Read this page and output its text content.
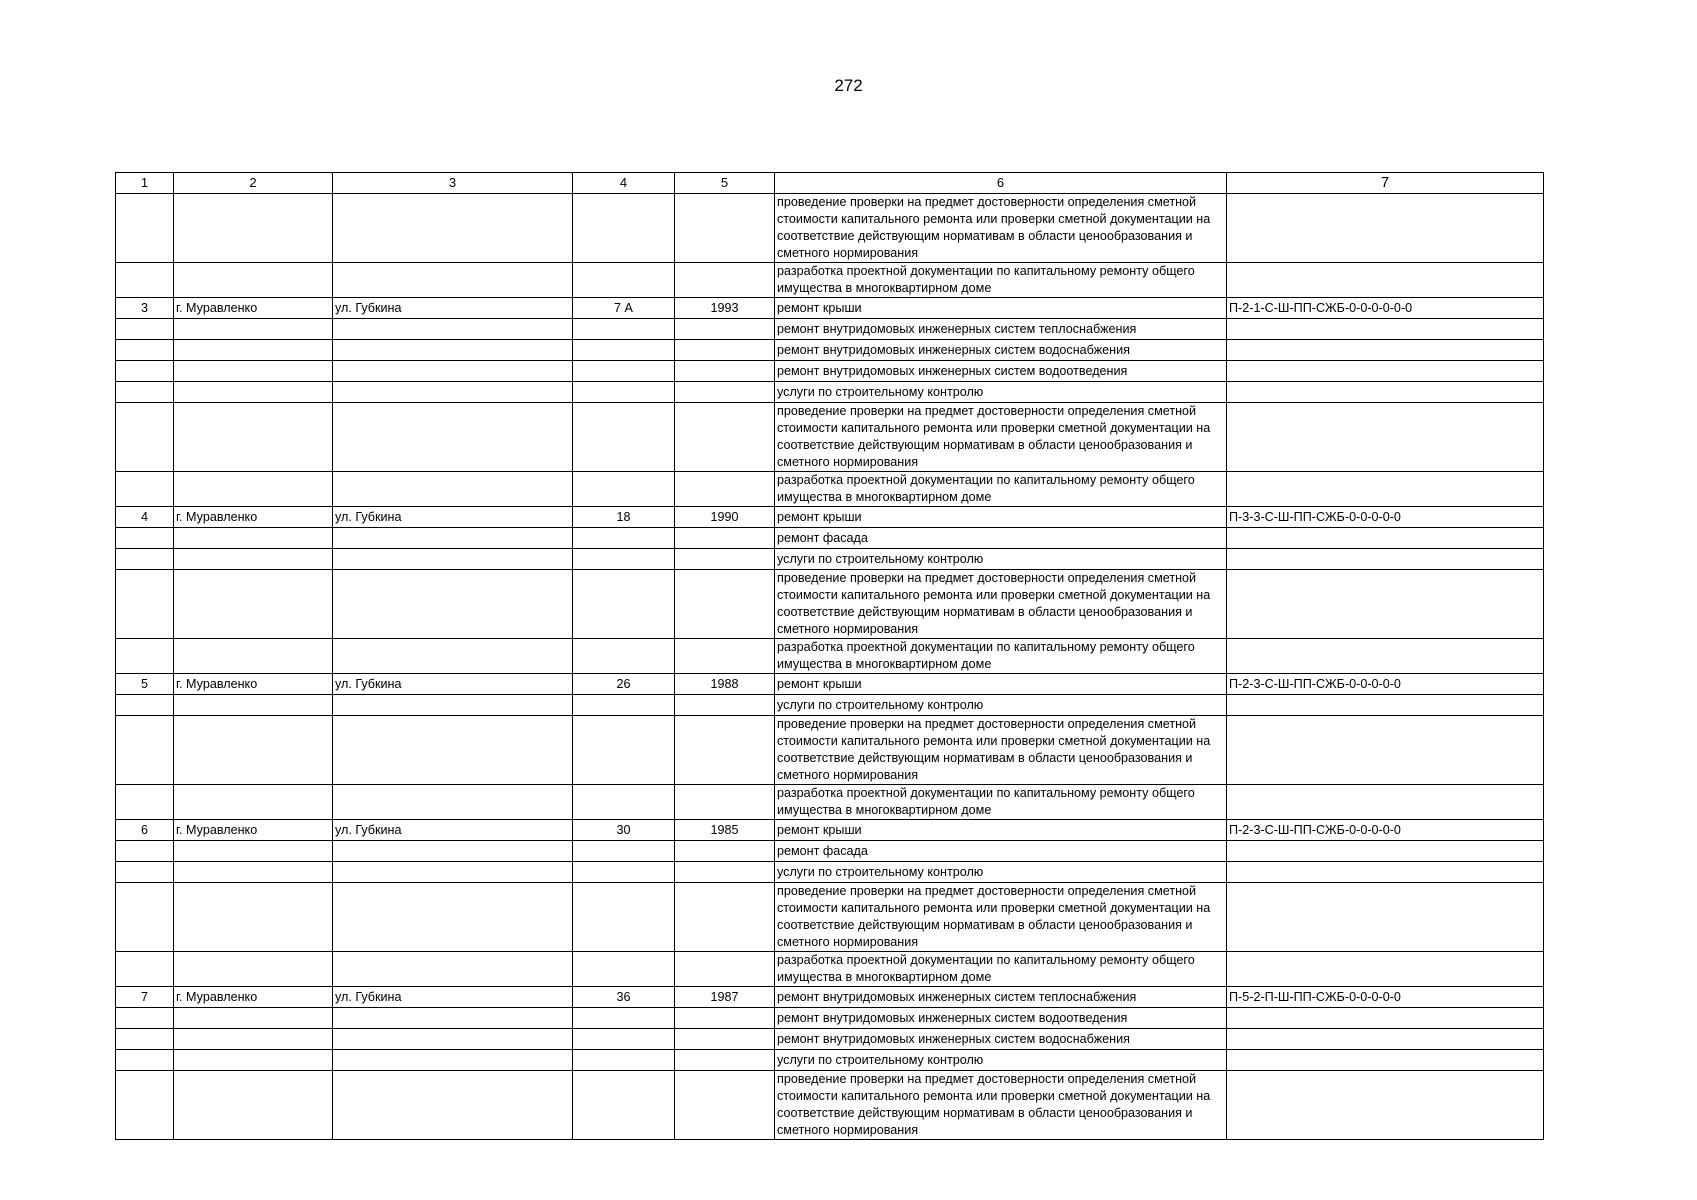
272
1	2	3	4	5	6	7
					проведение проверки на предмет достоверности определения сметной стоимости капитального ремонта или проверки сметной документации на соответствие действующим нормативам в области ценообразования и сметного нормирования	
					разработка проектной документации по капитальному ремонту общего имущества в многоквартирном доме	
3	г. Муравленко	ул. Губкина	7 А	1993	ремонт крыши	П-2-1-С-Ш-ПП-СЖБ-0-0-0-0-0-0
					ремонт внутридомовых инженерных систем теплоснабжения	
					ремонт внутридомовых инженерных систем водоснабжения	
					ремонт внутридомовых инженерных систем водоотведения	
					услуги по строительному контролю	
					проведение проверки на предмет достоверности определения сметной стоимости капитального ремонта или проверки сметной документации на соответствие действующим нормативам в области ценообразования и сметного нормирования	
					разработка проектной документации по капитальному ремонту общего имущества в многоквартирном доме	
4	г. Муравленко	ул. Губкина	18	1990	ремонт крыши	П-3-3-С-Ш-ПП-СЖБ-0-0-0-0-0
					ремонт фасада	
					услуги по строительному контролю	
					проведение проверки на предмет достоверности определения сметной стоимости капитального ремонта или проверки сметной документации на соответствие действующим нормативам в области ценообразования и сметного нормирования	
					разработка проектной документации по капитальному ремонту общего имущества в многоквартирном доме	
5	г. Муравленко	ул. Губкина	26	1988	ремонт крыши	П-2-3-С-Ш-ПП-СЖБ-0-0-0-0-0
					услуги по строительному контролю	
					проведение проверки на предмет достоверности определения сметной стоимости капитального ремонта или проверки сметной документации на соответствие действующим нормативам в области ценообразования и сметного нормирования	
					разработка проектной документации по капитальному ремонту общего имущества в многоквартирном доме	
6	г. Муравленко	ул. Губкина	30	1985	ремонт крыши	П-2-3-С-Ш-ПП-СЖБ-0-0-0-0-0
					ремонт фасада	
					услуги по строительному контролю	
					проведение проверки на предмет достоверности определения сметной стоимости капитального ремонта или проверки сметной документации на соответствие действующим нормативам в области ценообразования и сметного нормирования	
					разработка проектной документации по капитальному ремонту общего имущества в многоквартирном доме	
7	г. Муравленко	ул. Губкина	36	1987	ремонт внутридомовых инженерных систем теплоснабжения	П-5-2-П-Ш-ПП-СЖБ-0-0-0-0-0
					ремонт внутридомовых инженерных систем водоотведения	
					ремонт внутридомовых инженерных систем водоснабжения	
					услуги по строительному контролю	
					проведение проверки на предмет достоверности определения сметной стоимости капитального ремонта или проверки сметной документации на соответствие действующим нормативам в области ценообразования и сметного нормирования	
